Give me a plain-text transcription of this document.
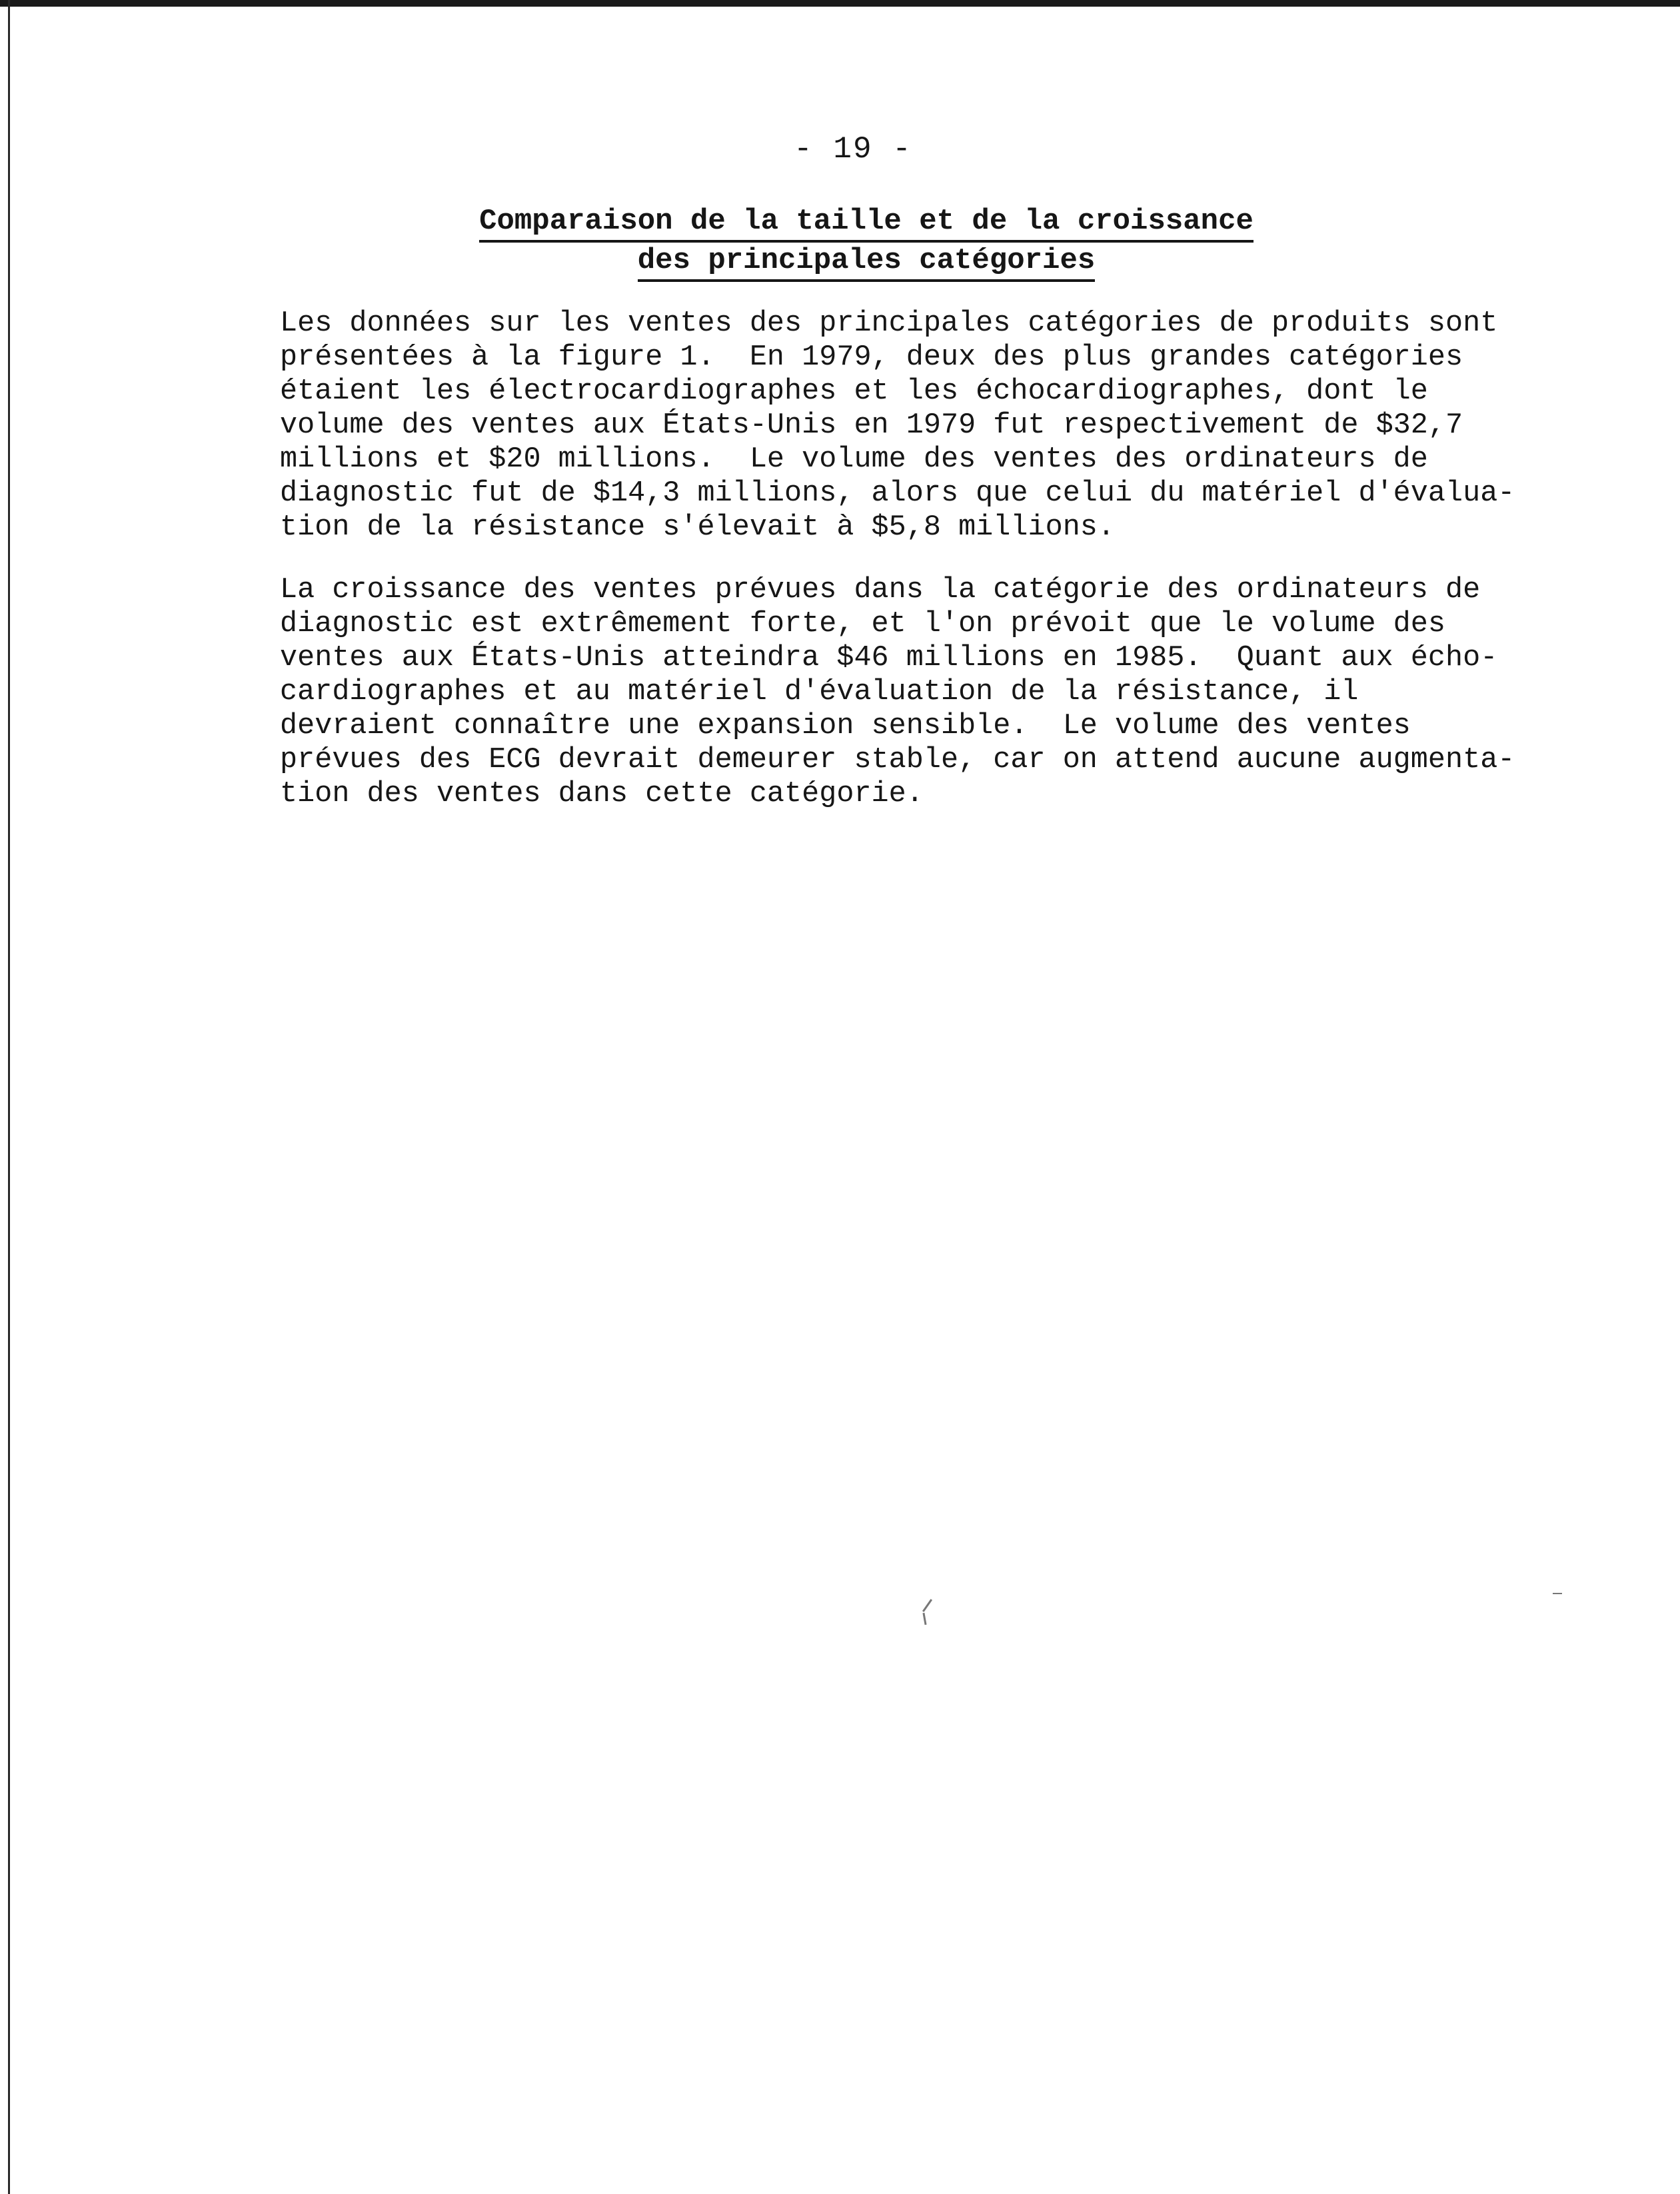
- 19 -
Comparaison de la taille et de la croissance
des principales catégories
Les données sur les ventes des principales catégories de produits sont
présentées à la figure 1.  En 1979, deux des plus grandes catégories
étaient les électrocardiographes et les échocardiographes, dont le
volume des ventes aux États-Unis en 1979 fut respectivement de $32,7
millions et $20 millions.  Le volume des ventes des ordinateurs de
diagnostic fut de $14,3 millions, alors que celui du matériel d'évalua-
tion de la résistance s'élevait à $5,8 millions.
La croissance des ventes prévues dans la catégorie des ordinateurs de
diagnostic est extrêmement forte, et l'on prévoit que le volume des
ventes aux États-Unis atteindra $46 millions en 1985.  Quant aux écho-
cardiographes et au matériel d'évaluation de la résistance, il
devraient connaître une expansion sensible.  Le volume des ventes
prévues des ECG devrait demeurer stable, car on attend aucune augmenta-
tion des ventes dans cette catégorie.
